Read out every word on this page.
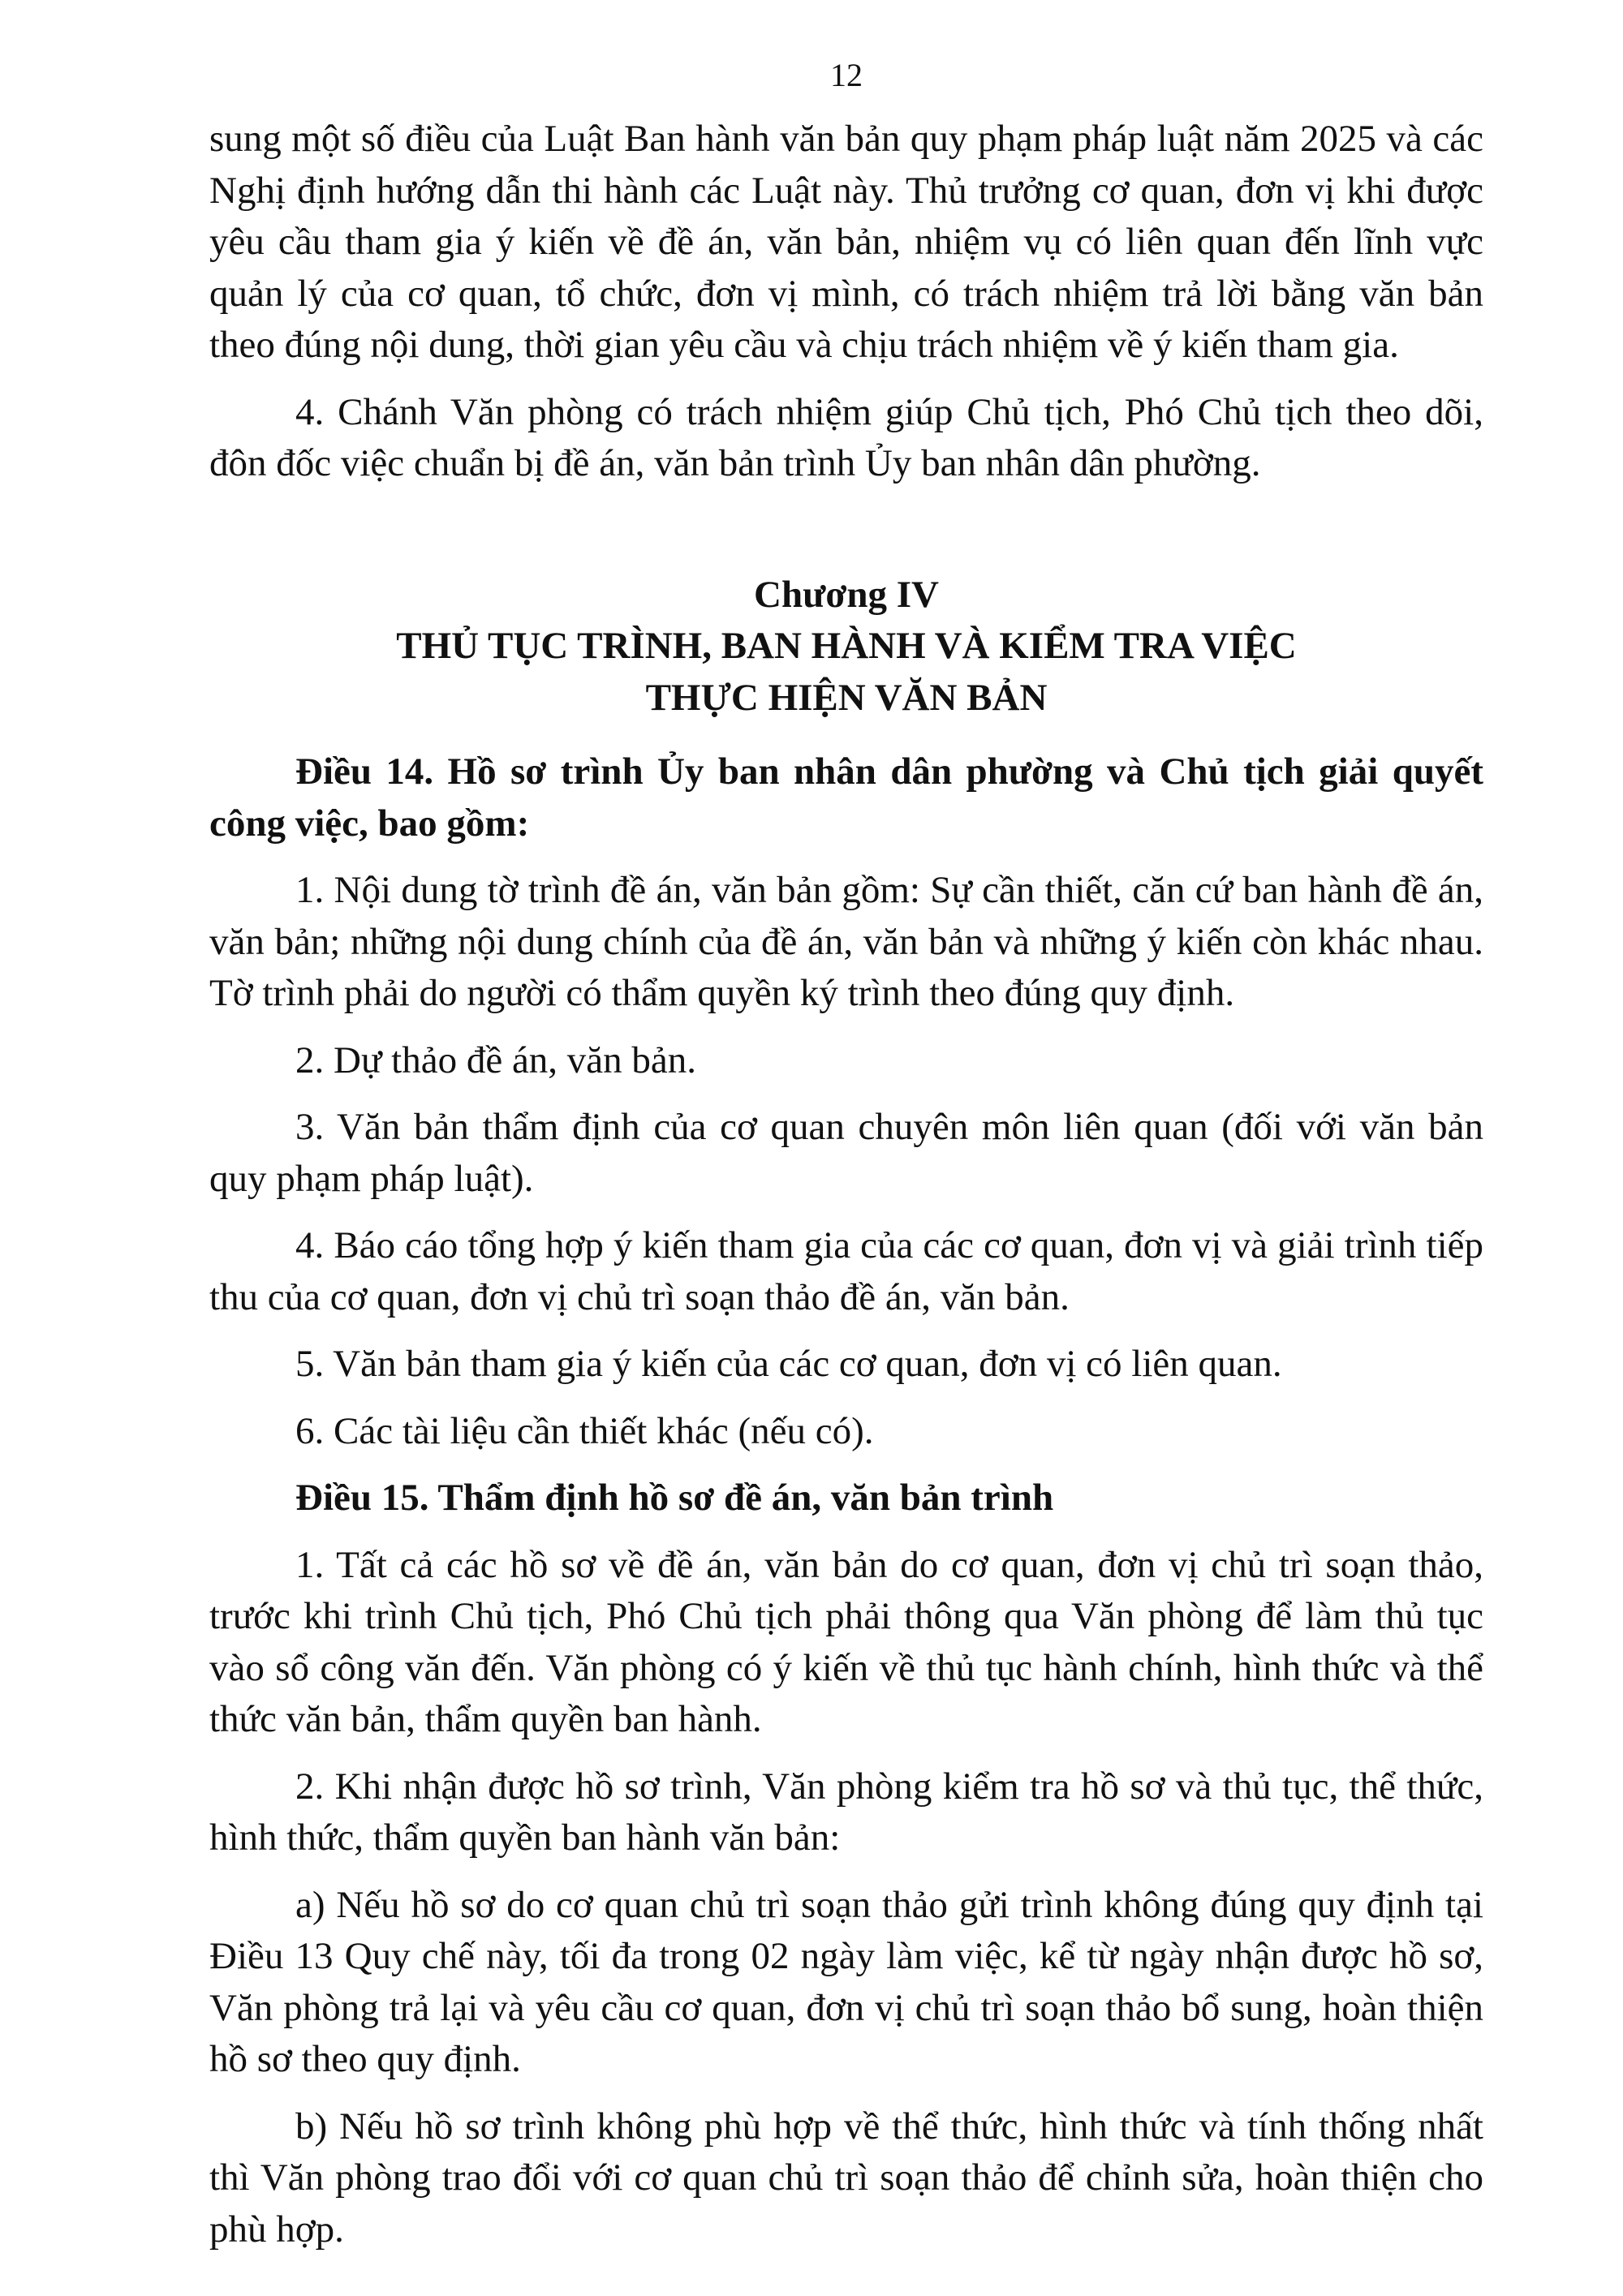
12

sung một số điều của Luật Ban hành văn bản quy phạm pháp luật năm 2025 và các Nghị định hướng dẫn thi hành các Luật này. Thủ trưởng cơ quan, đơn vị khi được yêu cầu tham gia ý kiến về đề án, văn bản, nhiệm vụ có liên quan đến lĩnh vực quản lý của cơ quan, tổ chức, đơn vị mình, có trách nhiệm trả lời bằng văn bản theo đúng nội dung, thời gian yêu cầu và chịu trách nhiệm về ý kiến tham gia.

4. Chánh Văn phòng có trách nhiệm giúp Chủ tịch, Phó Chủ tịch theo dõi, đôn đốc việc chuẩn bị đề án, văn bản trình Ủy ban nhân dân phường.

Chương IV
THỦ TỤC TRÌNH, BAN HÀNH VÀ KIỂM TRA VIỆC
THỰC HIỆN VĂN BẢN

Điều 14. Hồ sơ trình Ủy ban nhân dân phường và Chủ tịch giải quyết công việc, bao gồm:

1. Nội dung tờ trình đề án, văn bản gồm: Sự cần thiết, căn cứ ban hành đề án, văn bản; những nội dung chính của đề án, văn bản và những ý kiến còn khác nhau. Tờ trình phải do người có thẩm quyền ký trình theo đúng quy định.

2. Dự thảo đề án, văn bản.

3. Văn bản thẩm định của cơ quan chuyên môn liên quan (đối với văn bản quy phạm pháp luật).

4. Báo cáo tổng hợp ý kiến tham gia của các cơ quan, đơn vị và giải trình tiếp thu của cơ quan, đơn vị chủ trì soạn thảo đề án, văn bản.

5. Văn bản tham gia ý kiến của các cơ quan, đơn vị có liên quan.

6. Các tài liệu cần thiết khác (nếu có).

Điều 15. Thẩm định hồ sơ đề án, văn bản trình

1. Tất cả các hồ sơ về đề án, văn bản do cơ quan, đơn vị chủ trì soạn thảo, trước khi trình Chủ tịch, Phó Chủ tịch phải thông qua Văn phòng để làm thủ tục vào sổ công văn đến. Văn phòng có ý kiến về thủ tục hành chính, hình thức và thể thức văn bản, thẩm quyền ban hành.

2. Khi nhận được hồ sơ trình, Văn phòng kiểm tra hồ sơ và thủ tục, thể thức, hình thức, thẩm quyền ban hành văn bản:

a) Nếu hồ sơ do cơ quan chủ trì soạn thảo gửi trình không đúng quy định tại Điều 13 Quy chế này, tối đa trong 02 ngày làm việc, kể từ ngày nhận được hồ sơ, Văn phòng trả lại và yêu cầu cơ quan, đơn vị chủ trì soạn thảo bổ sung, hoàn thiện hồ sơ theo quy định.

b) Nếu hồ sơ trình không phù hợp về thể thức, hình thức và tính thống nhất thì Văn phòng trao đổi với cơ quan chủ trì soạn thảo để chỉnh sửa, hoàn thiện cho phù hợp.
